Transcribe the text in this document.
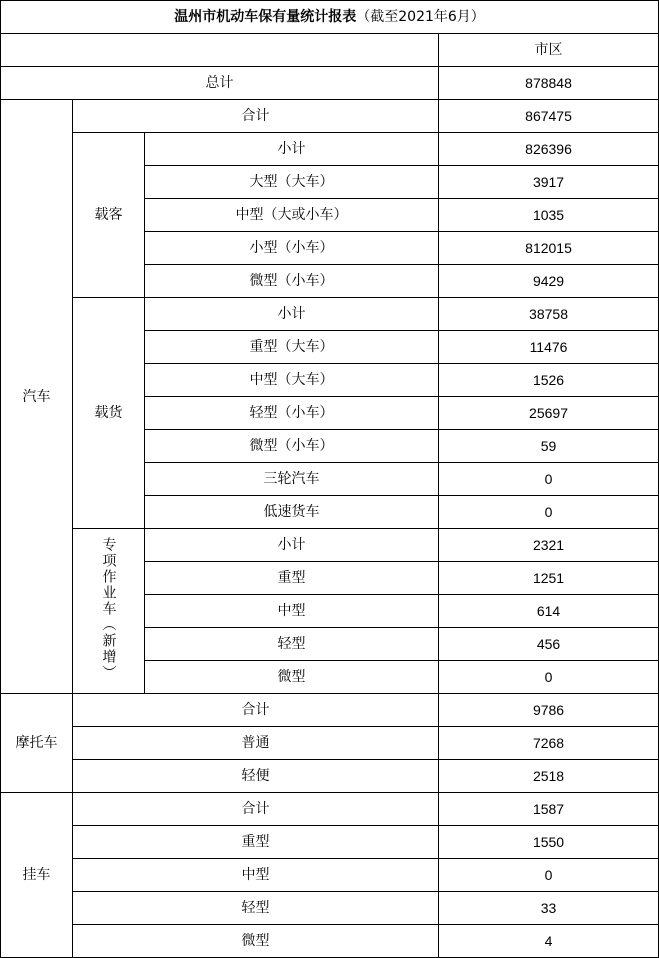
温州市机动车保有量统计报表（截至2021年6月）			
			市区
总计			878848
汽车	合计		867475
	载客	小计	826396
		大型（大车）	3917
		中型（大或小车）	1035
		小型（小车）	812015
		微型（小车）	9429
	载货	小计	38758
		重型（大车）	11476
		中型（大车）	1526
		轻型（小车）	25697
		微型（小车）	59
		三轮汽车	0
		低速货车	0
	专项作业车（新增）	小计	2321
		重型	1251
		中型	614
		轻型	456
		微型	0
摩托车	合计		9786
	普通		7268
	轻便		2518
挂车	合计		1587
	重型		1550
	中型		0
	轻型		33
	微型		4
